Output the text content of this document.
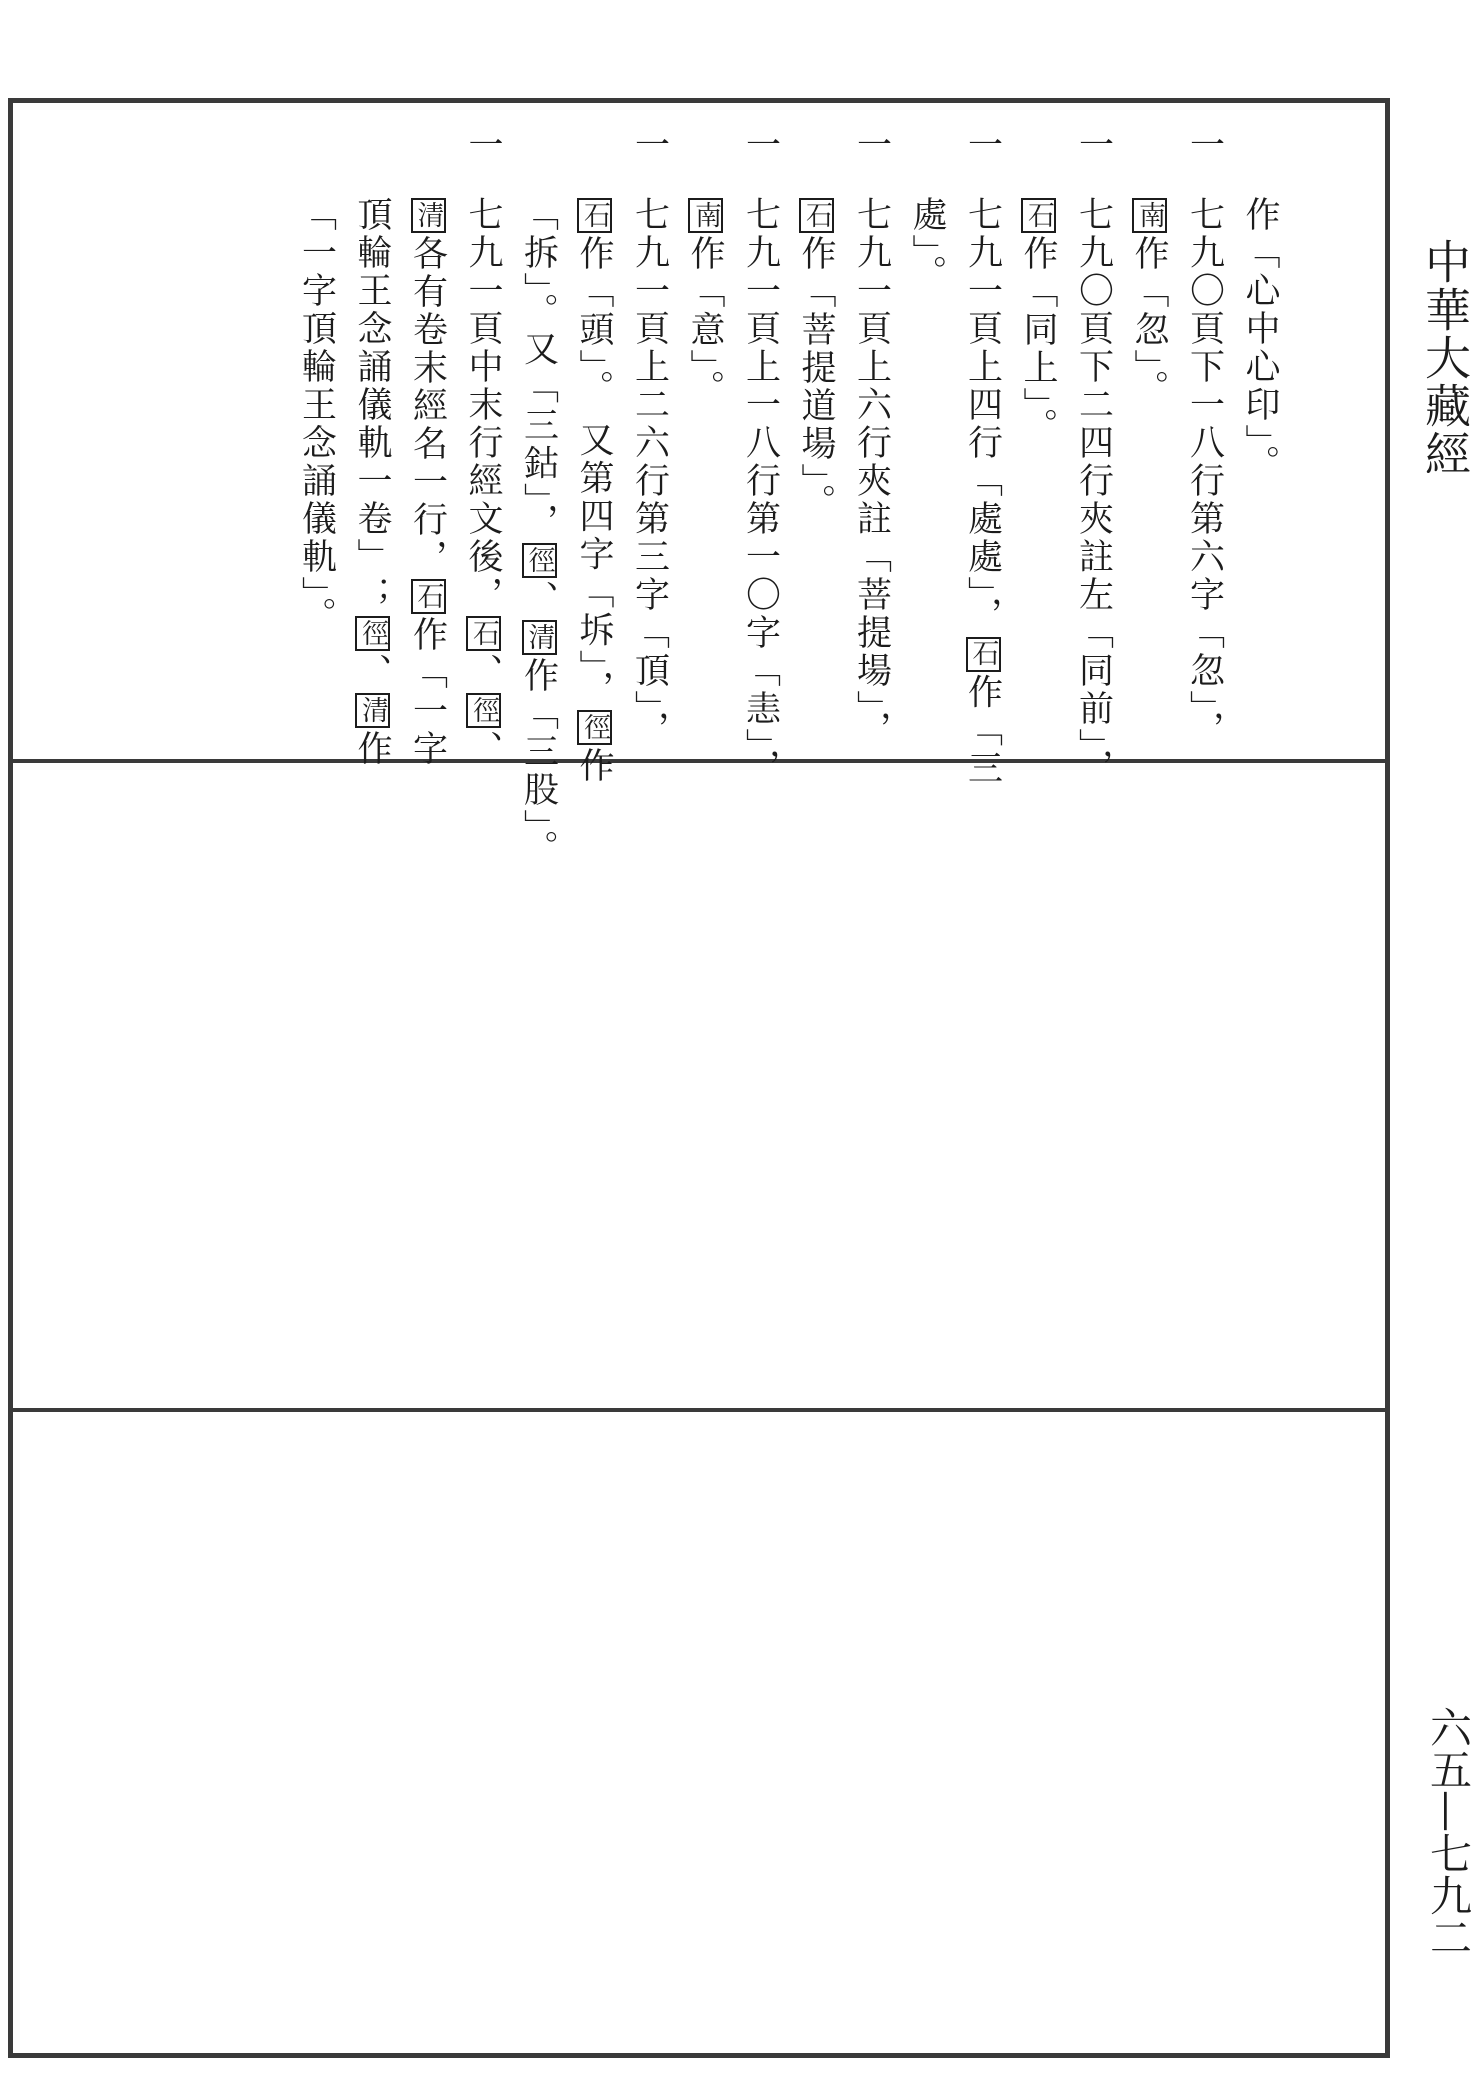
中華大藏經
六五—七九二
作「心中心印」。
一
七九〇頁下一八行第六字「忽」，
南作「忽」。
一
七九〇頁下二四行夾註左「同前」，
石作「同上」。
一
七九一頁上四行「處處」，石作「三
處」。
一
七九一頁上六行夾註「菩提場」，
石作「菩提道場」。
一
七九一頁上一八行第一〇字「恚」，
南作「意」。
一
七九一頁上二六行第三字「頂」，
石作「頭」。 又第四字「坼」，徑作
「拆」。又「三鈷」，徑、清作「三股」。
一
七九一頁中末行經文後，石、徑、
清各有卷末經名一行，石作「一字
頂輪王念誦儀軌一卷」；徑、清作
「一字頂輪王念誦儀軌」。
